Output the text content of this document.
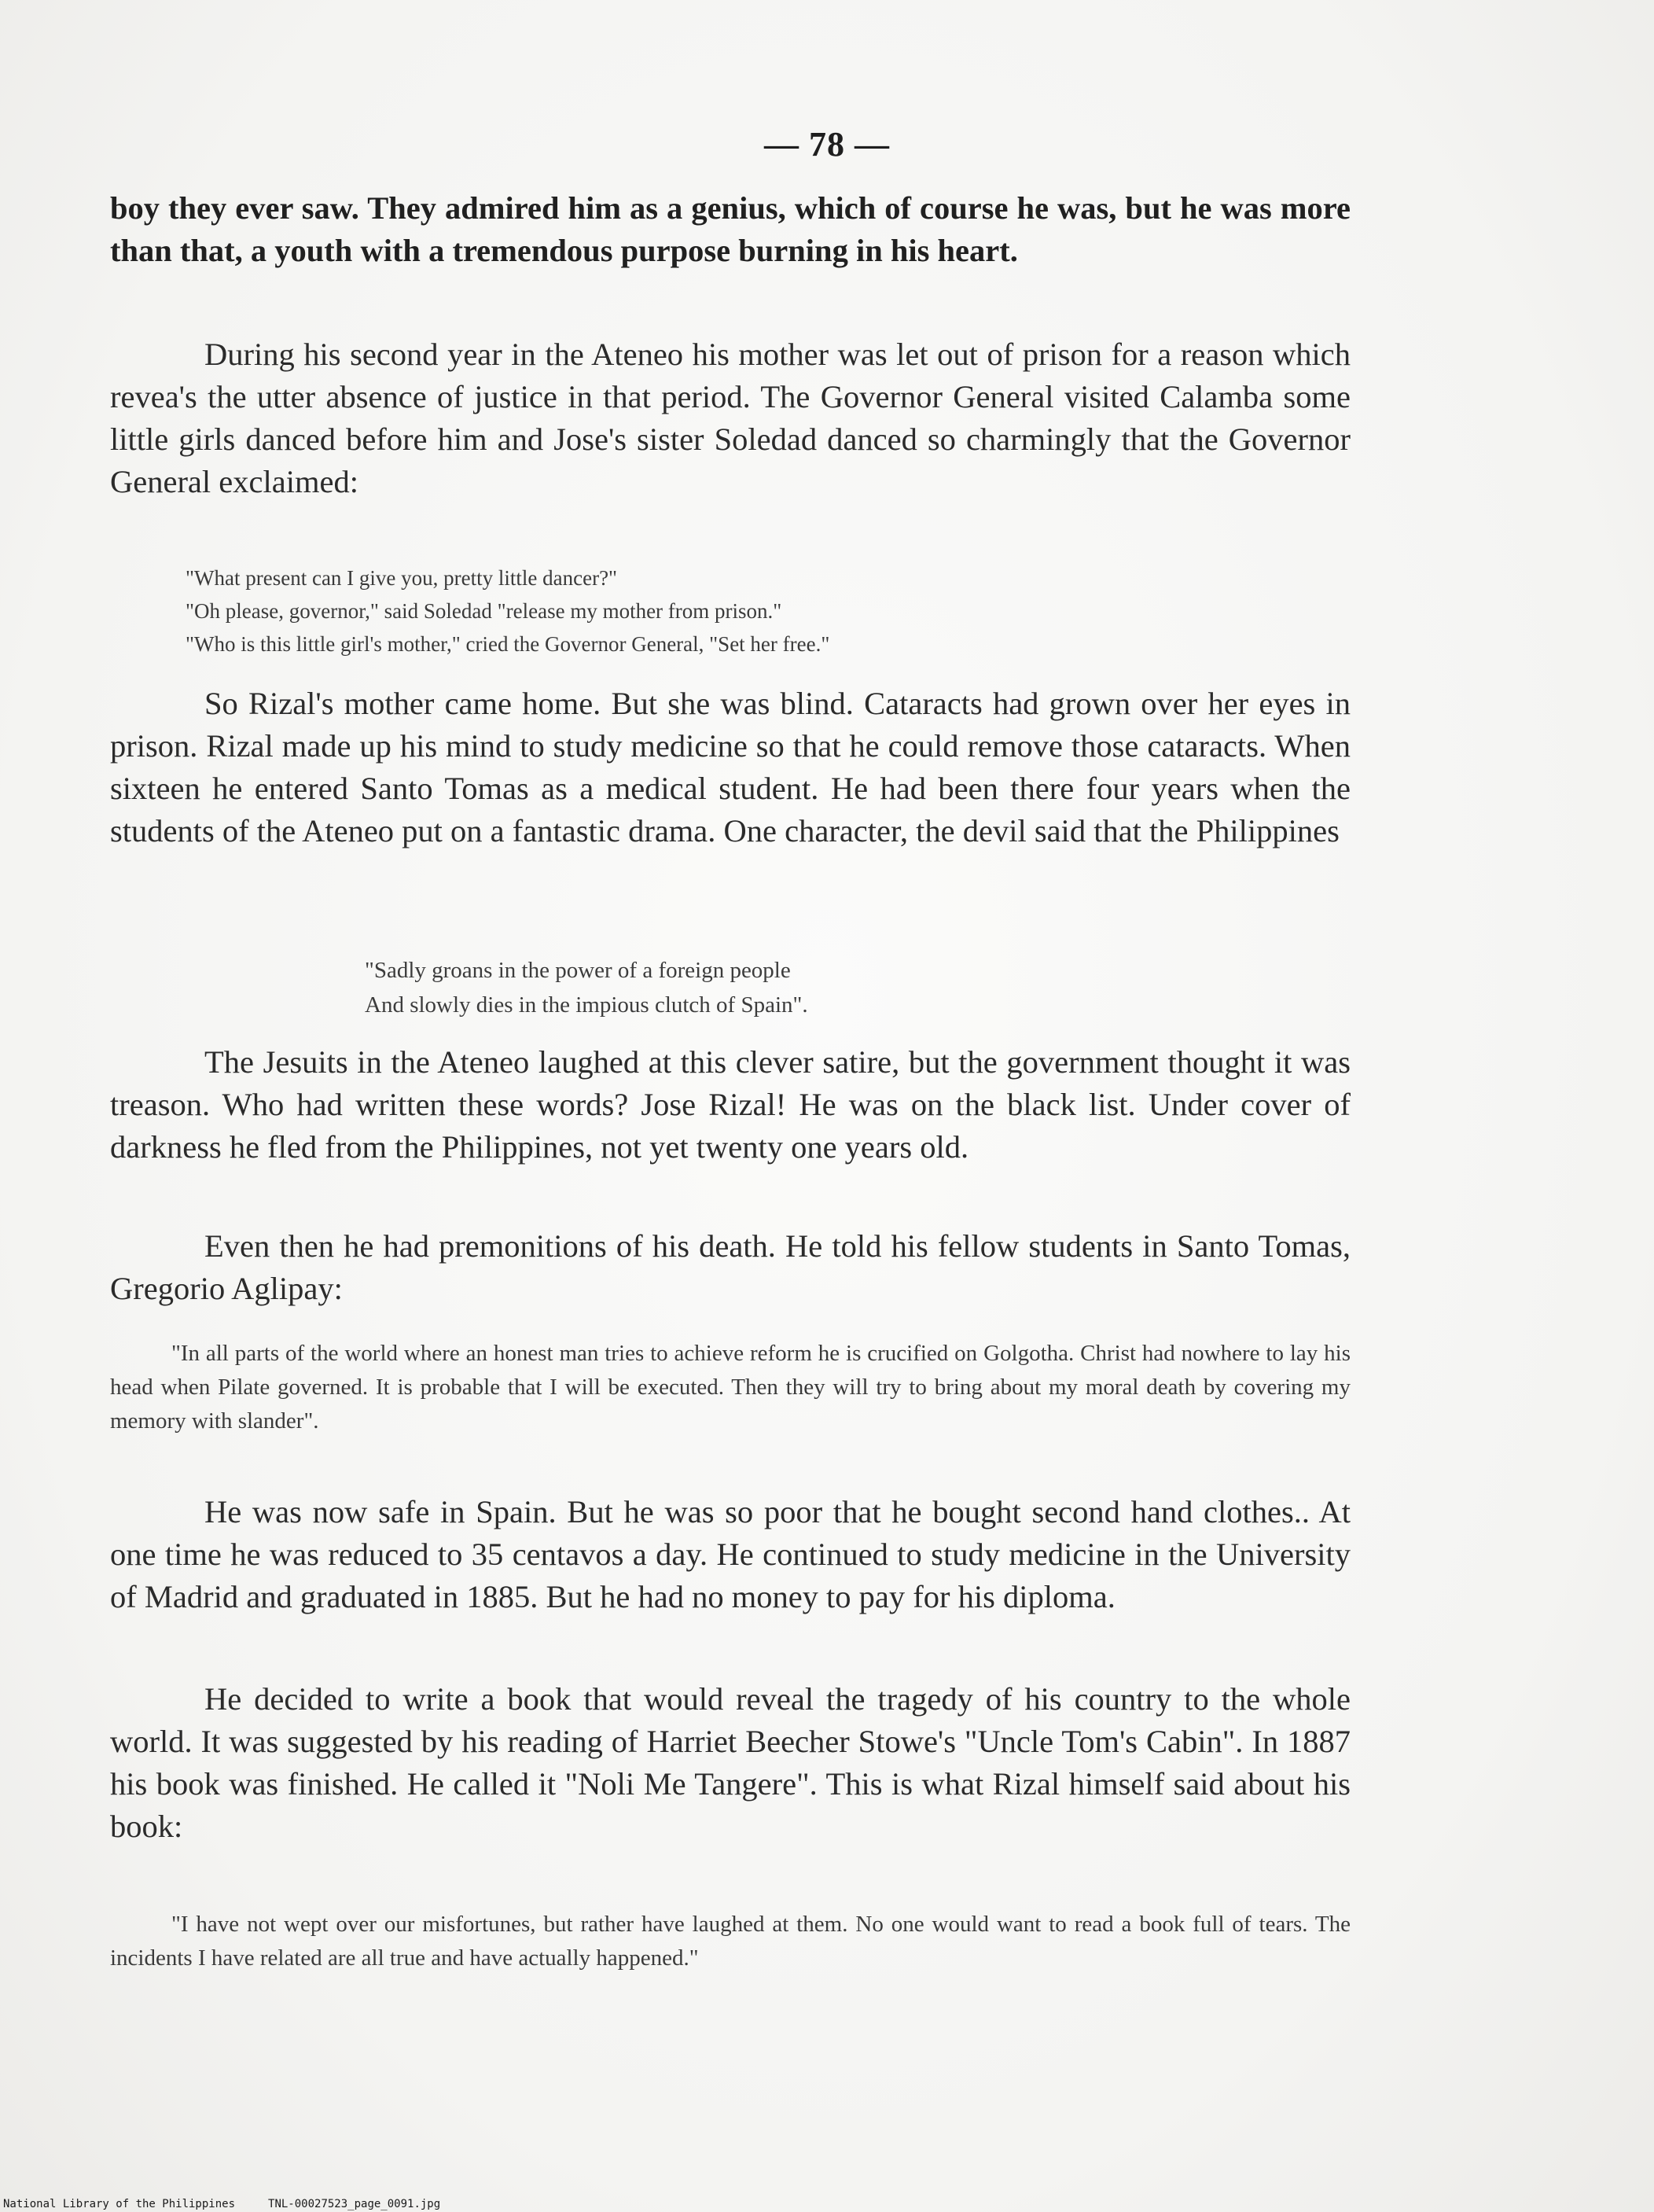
— 78 —
boy they ever saw. They admired him as a genius, which of course he was, but he was more than that, a youth with a tremendous purpose burning in his heart.
During his second year in the Ateneo his mother was let out of prison for a reason which revea's the utter absence of justice in that period. The Governor General visited Calamba some little girls danced before him and Jose's sister Soledad danced so charmingly that the Governor General exclaimed:
"What present can I give you, pretty little dancer?"
"Oh please, governor," said Soledad "release my mother from prison."
"Who is this little girl's mother," cried the Governor General, "Set her free."
So Rizal's mother came home. But she was blind. Cataracts had grown over her eyes in prison. Rizal made up his mind to study medicine so that he could remove those cataracts. When sixteen he entered Santo Tomas as a medical student. He had been there four years when the students of the Ateneo put on a fantastic drama. One character, the devil said that the Philippines
"Sadly groans in the power of a foreign people
And slowly dies in the impious clutch of Spain".
The Jesuits in the Ateneo laughed at this clever satire, but the government thought it was treason. Who had written these words? Jose Rizal! He was on the black list. Under cover of darkness he fled from the Philippines, not yet twenty one years old.
Even then he had premonitions of his death. He told his fellow students in Santo Tomas, Gregorio Aglipay:
"In all parts of the world where an honest man tries to achieve reform he is crucified on Golgotha. Christ had nowhere to lay his head when Pilate governed. It is probable that I will be executed. Then they will try to bring about my moral death by covering my memory with slander".
He was now safe in Spain. But he was so poor that he bought second hand clothes.. At one time he was reduced to 35 centavos a day. He continued to study medicine in the University of Madrid and graduated in 1885. But he had no money to pay for his diploma.
He decided to write a book that would reveal the tragedy of his country to the whole world. It was suggested by his reading of Harriet Beecher Stowe's "Uncle Tom's Cabin". In 1887 his book was finished. He called it "Noli Me Tangere". This is what Rizal himself said about his book:
"I have not wept over our misfortunes, but rather have laughed at them. No one would want to read a book full of tears. The incidents I have related are all true and have actually happened."
National Library of the Philippines	TNL-00027523_page_0091.jpg
